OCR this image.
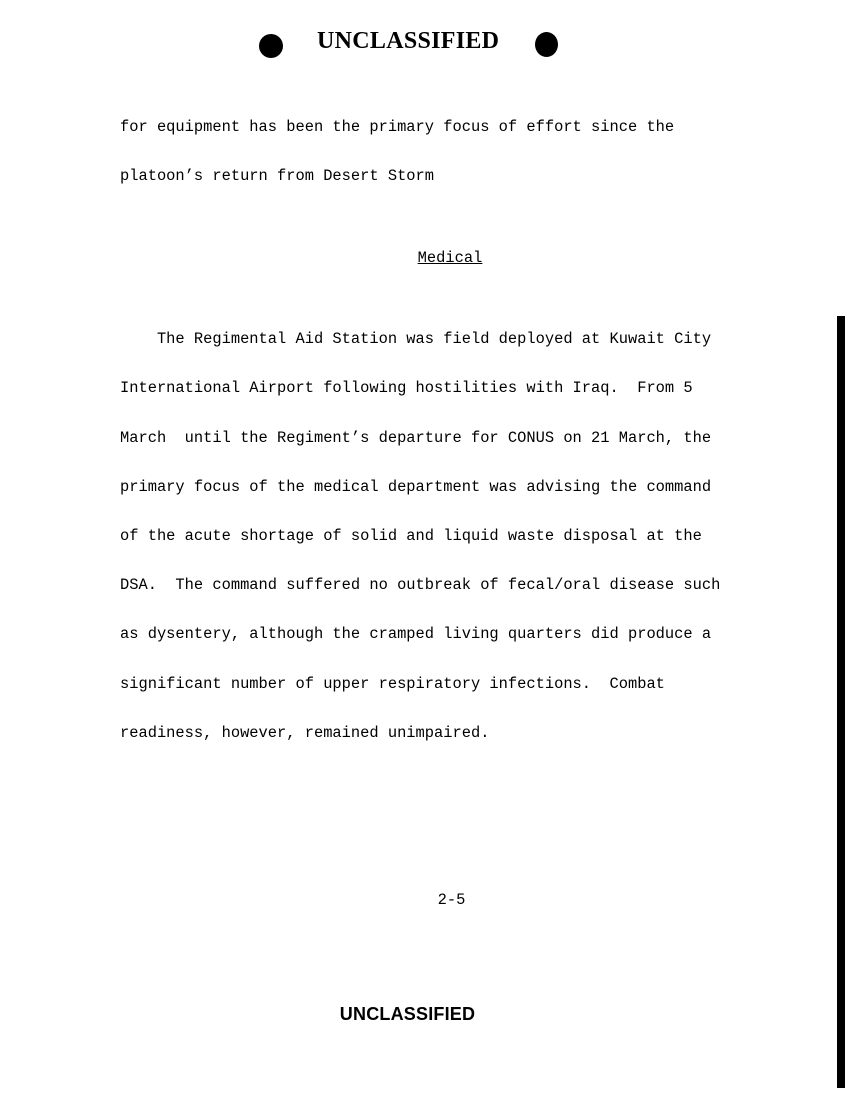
UNCLASSIFIED

for equipment has been the primary focus of effort since the

platoon’s return from Desert Storm

Medical

The Regimental Aid Station was field deployed at Kuwait City

International Airport following hostilities with Iraq.  From 5

March  until the Regiment’s departure for CONUS on 21 March, the

primary focus of the medical department was advising the command

of the acute shortage of solid and liquid waste disposal at the

DSA.  The command suffered no outbreak of fecal/oral disease such

as dysentery, although the cramped living quarters did produce a

significant number of upper respiratory infections.  Combat

readiness, however, remained unimpaired.

2-5
UNCLASSIFIED
